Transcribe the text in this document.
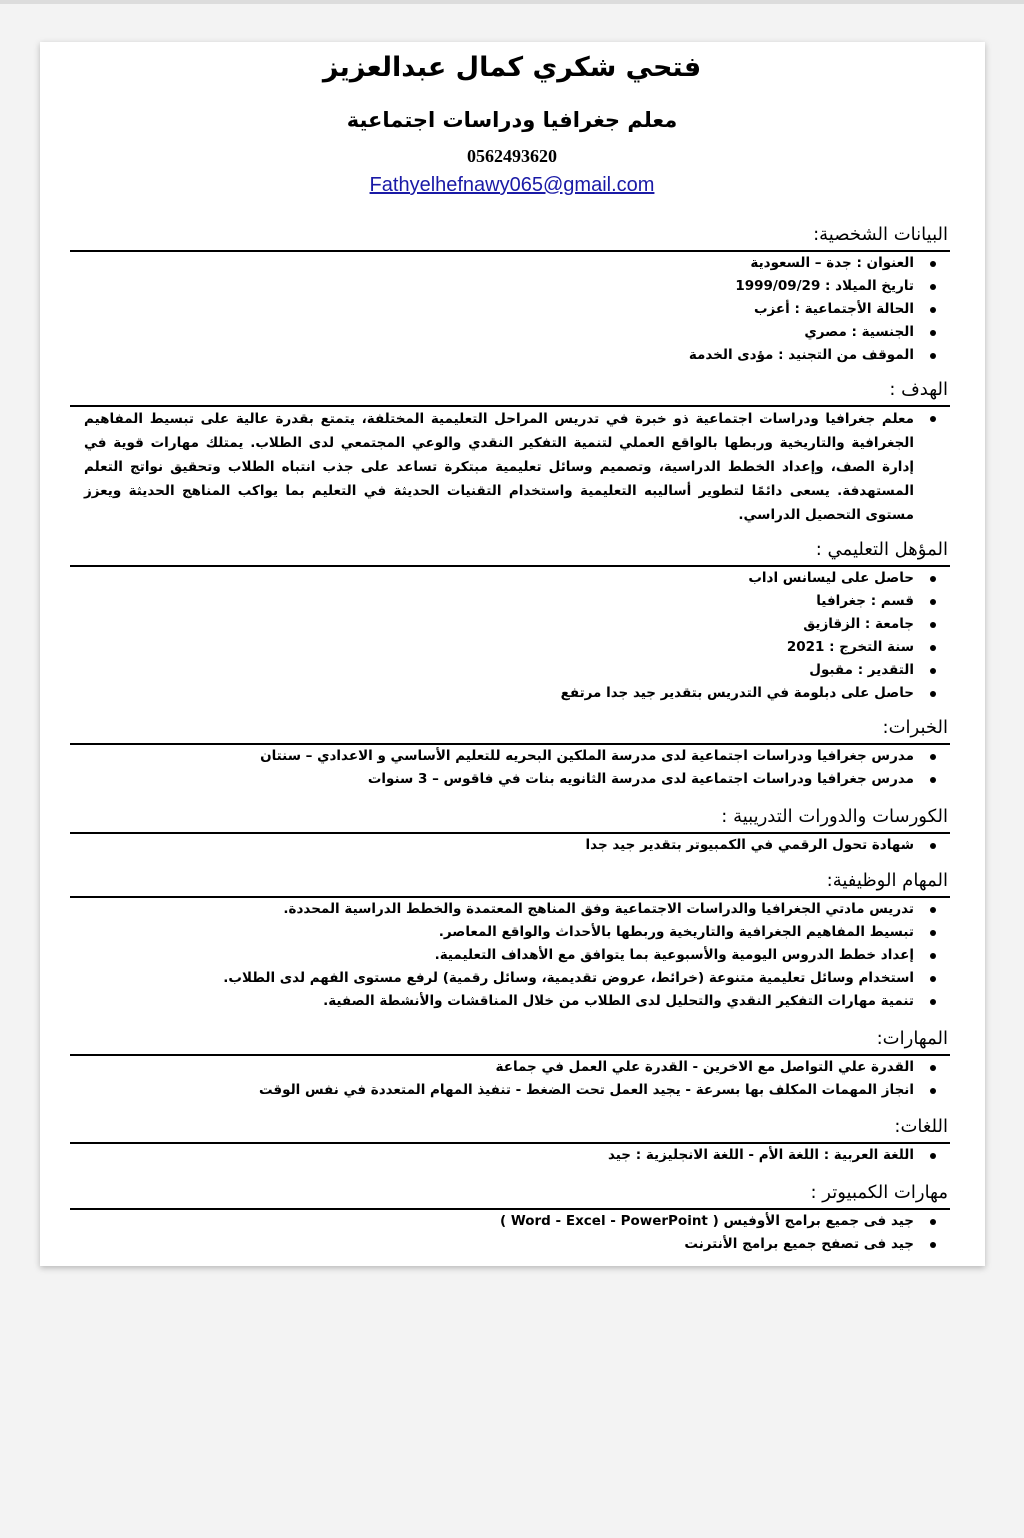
فتحي شكري كمال عبدالعزيز
معلم جغرافيا ودراسات اجتماعية
0562493620
Fathyelhefnawy065@gmail.com
البيانات الشخصية:
العنوان : جدة – السعودية
تاريخ الميلاد : 1999/09/29
الحالة الأجتماعية : أعزب
الجنسية : مصري
الموقف من التجنيد : مؤدى الخدمة
الهدف :
معلم جغرافيا ودراسات اجتماعية ذو خبرة في تدريس المراحل التعليمية المختلفة، يتمتع بقدرة عالية على تبسيط المفاهيم الجغرافية والتاريخية وربطها بالواقع العملي لتنمية التفكير النقدي والوعي المجتمعي لدى الطلاب. يمتلك مهارات قوية في إدارة الصف، وإعداد الخطط الدراسية، وتصميم وسائل تعليمية مبتكرة تساعد على جذب انتباه الطلاب وتحقيق نواتج التعلم المستهدفة. يسعى دائمًا لتطوير أساليبه التعليمية واستخدام التقنيات الحديثة في التعليم بما يواكب المناهج الحديثة ويعزز مستوى التحصيل الدراسي.
المؤهل التعليمي :
حاصل على ليسانس اداب
قسم : جغرافيا
جامعة : الزقازيق
سنة التخرج : 2021
التقدير : مقبول
حاصل على دبلومة في التدريس بتقدير جيد جدا مرتفع
الخبرات:
مدرس جغرافيا ودراسات اجتماعية لدى مدرسة الملكين البحريه للتعليم الأساسي و الاعدادي – سنتان
مدرس جغرافيا ودراسات اجتماعية لدى مدرسة الثانويه بنات في فاقوس – 3 سنوات
الكورسات والدورات التدريبية :
شهادة تحول الرقمي في الكمبيوتر بتقدير جيد جدا
المهام الوظيفية:
تدريس مادتي الجغرافيا والدراسات الاجتماعية وفق المناهج المعتمدة والخطط الدراسية المحددة.
تبسيط المفاهيم الجغرافية والتاريخية وربطها بالأحداث والواقع المعاصر.
إعداد خطط الدروس اليومية والأسبوعية بما يتوافق مع الأهداف التعليمية.
استخدام وسائل تعليمية متنوعة (خرائط، عروض تقديمية، وسائل رقمية) لرفع مستوى الفهم لدى الطلاب.
تنمية مهارات التفكير النقدي والتحليل لدى الطلاب من خلال المناقشات والأنشطة الصفية.
المهارات:
القدرة علي التواصل مع الاخرين - القدرة علي العمل في جماعة
انجاز المهمات المكلف بها بسرعة - يجيد العمل تحت الضغط - تنفيذ المهام المتعددة في نفس الوقت
اللغات:
اللغة العربية : اللغة الأم - اللغة الانجليزية : جيد
مهارات الكمبيوتر :
جيد فى جميع برامج الأوفيس ( Word - Excel - PowerPoint )
جيد فى تصفح جميع برامج الأنترنت
